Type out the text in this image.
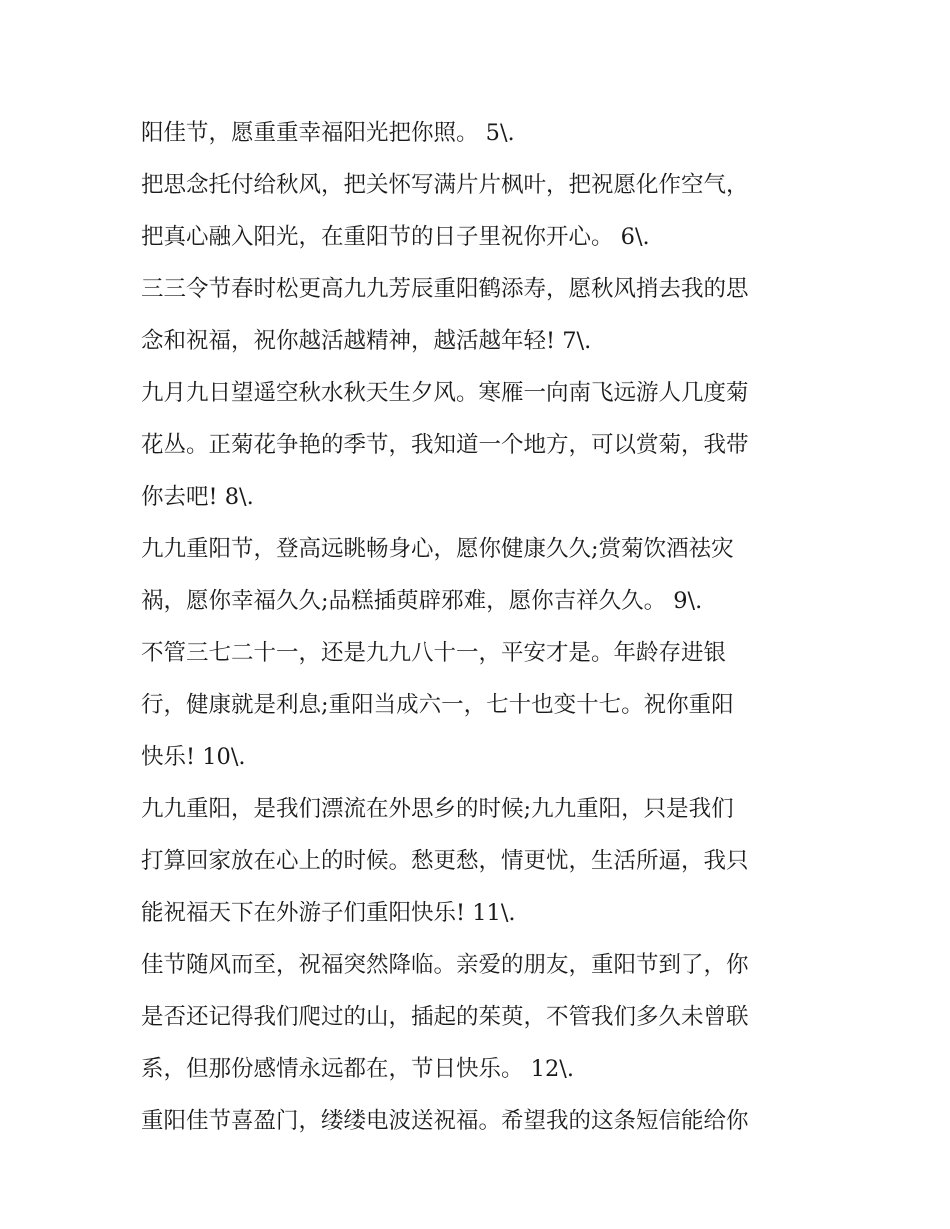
阳佳节，愿重重幸福阳光把你照。 5\.
把思念托付给秋风，把关怀写满片片枫叶，把祝愿化作空气，
把真心融入阳光，在重阳节的日子里祝你开心。 6\.
三三令节春时松更高九九芳辰重阳鹤添寿，愿秋风捎去我的思
念和祝福，祝你越活越精神，越活越年轻! 7\.
九月九日望遥空秋水秋天生夕风。寒雁一向南飞远游人几度菊
花丛。正菊花争艳的季节，我知道一个地方，可以赏菊，我带
你去吧! 8\.
九九重阳节，登高远眺畅身心，愿你健康久久;赏菊饮酒祛灾
祸，愿你幸福久久;品糕插萸辟邪难，愿你吉祥久久。 9\.
不管三七二十一，还是九九八十一，平安才是。年龄存进银
行，健康就是利息;重阳当成六一，七十也变十七。祝你重阳
快乐! 10\.
九九重阳，是我们漂流在外思乡的时候;九九重阳，只是我们
打算回家放在心上的时候。愁更愁，情更忧，生活所逼，我只
能祝福天下在外游子们重阳快乐! 11\.
佳节随风而至，祝福突然降临。亲爱的朋友，重阳节到了，你
是否还记得我们爬过的山，插起的茱萸，不管我们多久未曾联
系，但那份感情永远都在，节日快乐。 12\.
重阳佳节喜盈门，缕缕电波送祝福。希望我的这条短信能给你
